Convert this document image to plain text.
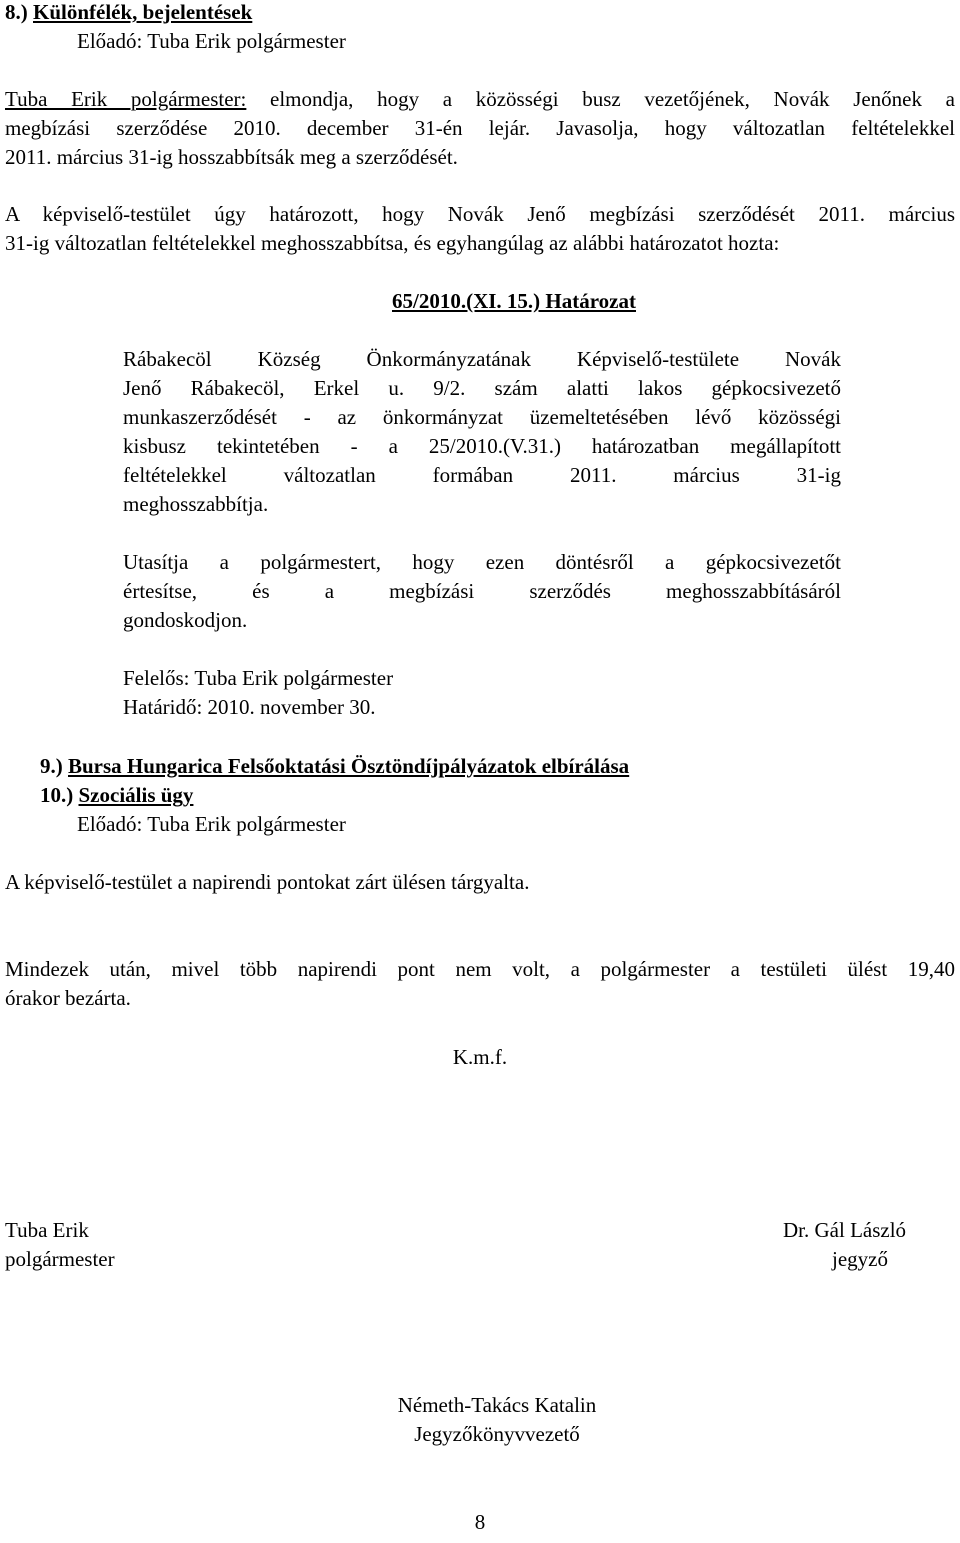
8.) Különfélék, bejelentések
Előadó: Tuba Erik polgármester
Tuba Erik polgármester: elmondja, hogy a közösségi busz vezetőjének, Novák Jenőnek a
megbízási szerződése 2010. december 31-én lejár. Javasolja, hogy változatlan feltételekkel
2011. március 31-ig hosszabbítsák meg a szerződését.
A képviselő-testület úgy határozott, hogy Novák Jenő megbízási szerződését 2011. március
31-ig változatlan feltételekkel meghosszabbítsa, és egyhangúlag az alábbi határozatot hozta:
65/2010.(XI. 15.) Határozat
Rábakecöl Község Önkormányzatának Képviselő-testülete Novák
Jenő Rábakecöl, Erkel u. 9/2. szám alatti lakos gépkocsivezető
munkaszerződését - az önkormányzat üzemeltetésében lévő közösségi
kisbusz tekintetében - a 25/2010.(V.31.) határozatban megállapított
feltételekkel változatlan formában 2011. március 31-ig
meghosszabbítja.
Utasítja a polgármestert, hogy ezen döntésről a gépkocsivezetőt
értesítse, és a megbízási szerződés meghosszabbításáról
gondoskodjon.
Felelős: Tuba Erik polgármester
Határidő: 2010. november 30.
9.) Bursa Hungarica Felsőoktatási Ösztöndíjpályázatok elbírálása
10.) Szociális ügy
Előadó: Tuba Erik polgármester
A képviselő-testület a napirendi pontokat zárt ülésen tárgyalta.
Mindezek után, mivel több napirendi pont nem volt, a polgármester a testületi ülést 19,40
órakor bezárta.
K.m.f.
Tuba Erik
polgármester
Dr. Gál László
jegyző
Németh-Takács Katalin
Jegyzőkönyvvezető
8
